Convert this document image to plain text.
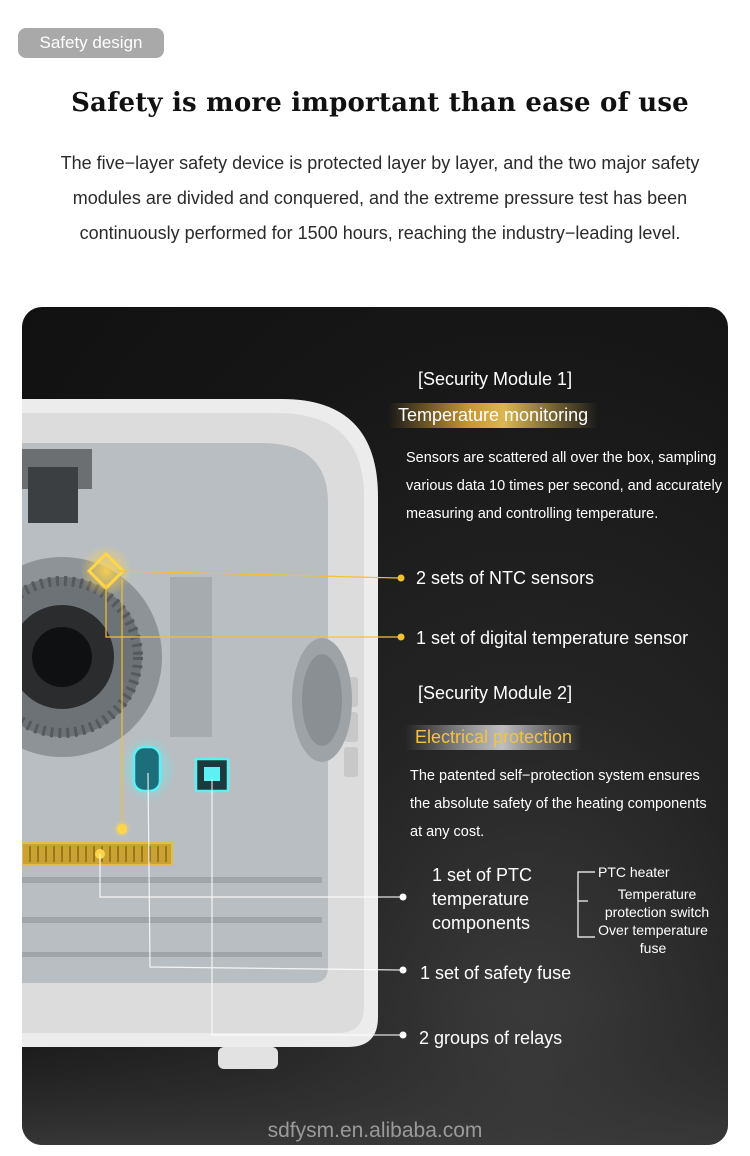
Safety design
Safety is more important than ease of use

The five−layer safety device is protected layer by layer, and the two major safety modules are divided and conquered, and the extreme pressure test has been continuously performed for 1500 hours, reaching the industry−leading level.

[Security Module 1]
Temperature monitoring
Sensors are scattered all over the box, sampling various data 10 times per second, and accurately measuring and controlling temperature.
2 sets of NTC sensors
1 set of digital temperature sensor
[Security Module 2]
Electrical protection
The patented self−protection system ensures the absolute safety of the heating components at any cost.
1 set of PTC temperature components
PTC heater
Temperature protection switch
Over temperature fuse
1 set of safety fuse
2 groups of relays
sdfysm.en.alibaba.com
